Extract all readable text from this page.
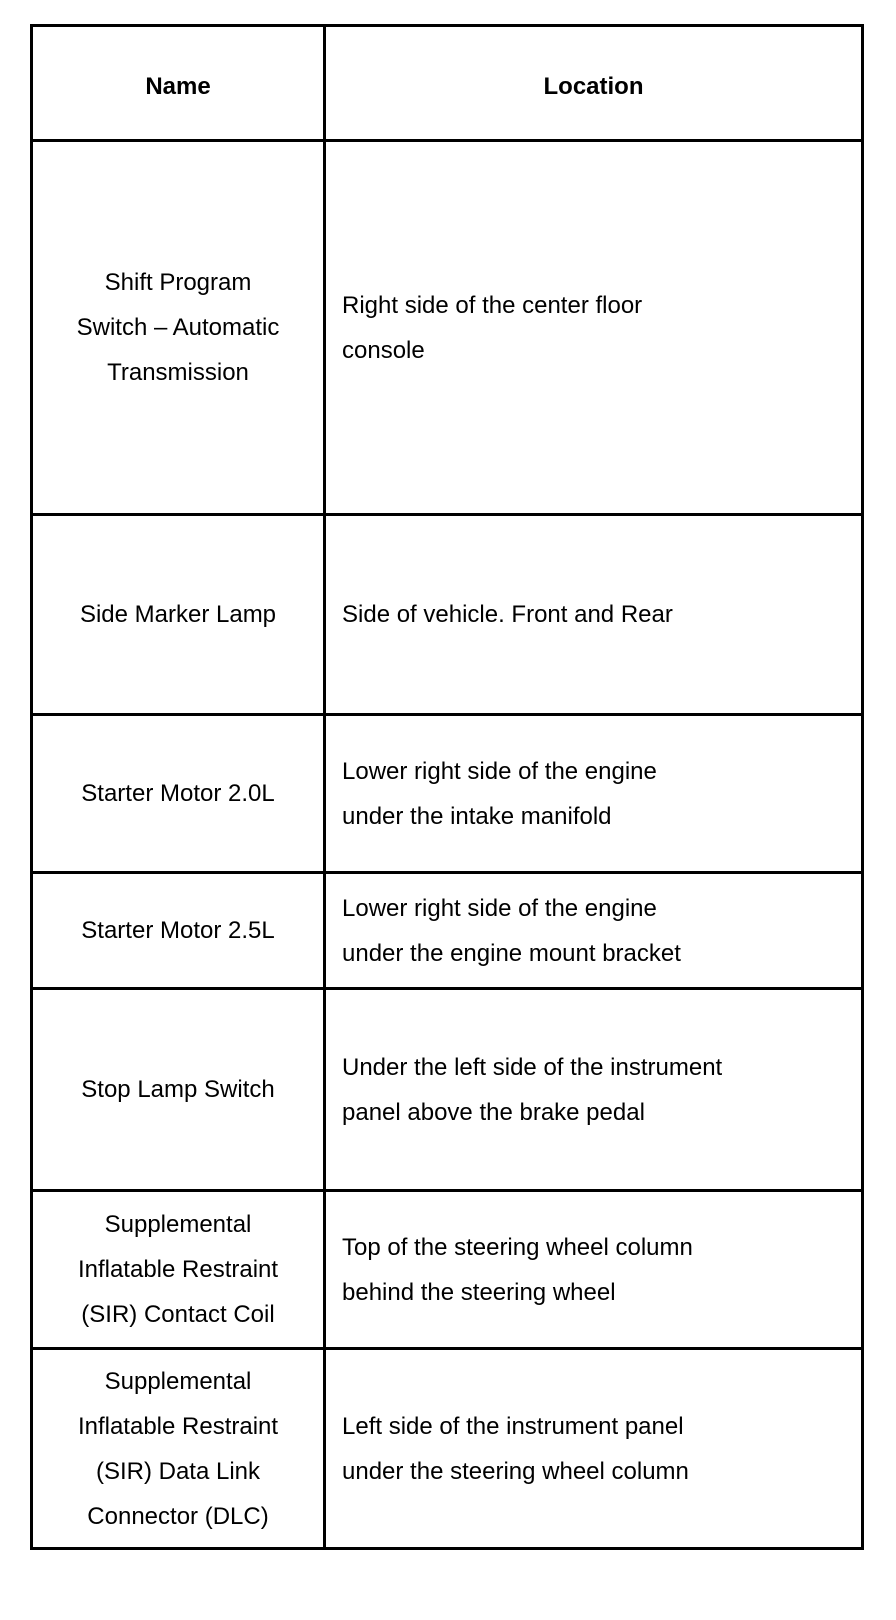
Name	Location

Shift Program
Switch – Automatic
Transmission	Right side of the center floor
console

Side Marker Lamp	Side of vehicle. Front and Rear

Starter Motor 2.0L	Lower right side of the engine
under the intake manifold

Starter Motor 2.5L	Lower right side of the engine
under the engine mount bracket

Stop Lamp Switch	Under the left side of the instrument
panel above the brake pedal

Supplemental
Inflatable Restraint
(SIR) Contact Coil	Top of the steering wheel column
behind the steering wheel

Supplemental
Inflatable Restraint
(SIR) Data Link
Connector (DLC)	Left side of the instrument panel
under the steering wheel column
